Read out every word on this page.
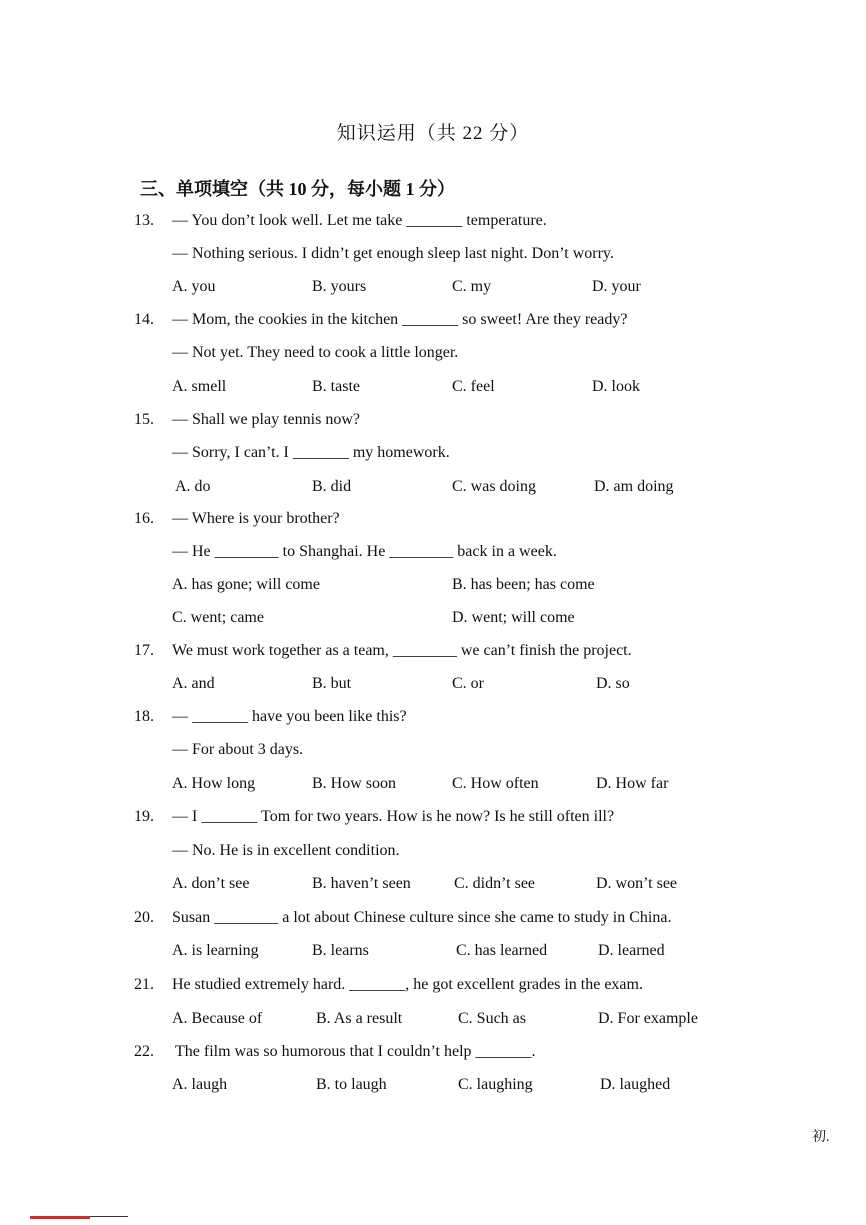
知识运用（共 22 分）
三、单项填空（共 10 分，每小题 1 分）
13. — You don’t look well. Let me take _______ temperature.
— Nothing serious. I didn’t get enough sleep last night. Don’t worry.
A. you	B. yours	C. my	D. your
14. — Mom, the cookies in the kitchen _______ so sweet! Are they ready?
— Not yet. They need to cook a little longer.
A. smell	B. taste	C. feel	D. look
15. — Shall we play tennis now?
— Sorry, I can’t. I _______ my homework.
A. do	B. did	C. was doing	D. am doing
16. — Where is your brother?
— He ________ to Shanghai. He ________ back in a week.
A. has gone; will come	B. has been; has come
C. went; came	D. went; will come
17. We must work together as a team, ________ we can’t finish the project.
A. and	B. but	C. or	D. so
18. — _______ have you been like this?
— For about 3 days.
A. How long	B. How soon	C. How often	D. How far
19. — I _______ Tom for two years. How is he now? Is he still often ill?
— No. He is in excellent condition.
A. don’t see	B. haven’t seen	C. didn’t see	D. won’t see
20. Susan ________ a lot about Chinese culture since she came to study in China.
A. is learning	B. learns	C. has learned	D. learned
21. He studied extremely hard. _______, he got excellent grades in the exam.
A. Because of	B. As a result	C. Such as	D. For example
22. The film was so humorous that I couldn’t help _______.
A. laugh	B. to laugh	C. laughing	D. laughed
初.
